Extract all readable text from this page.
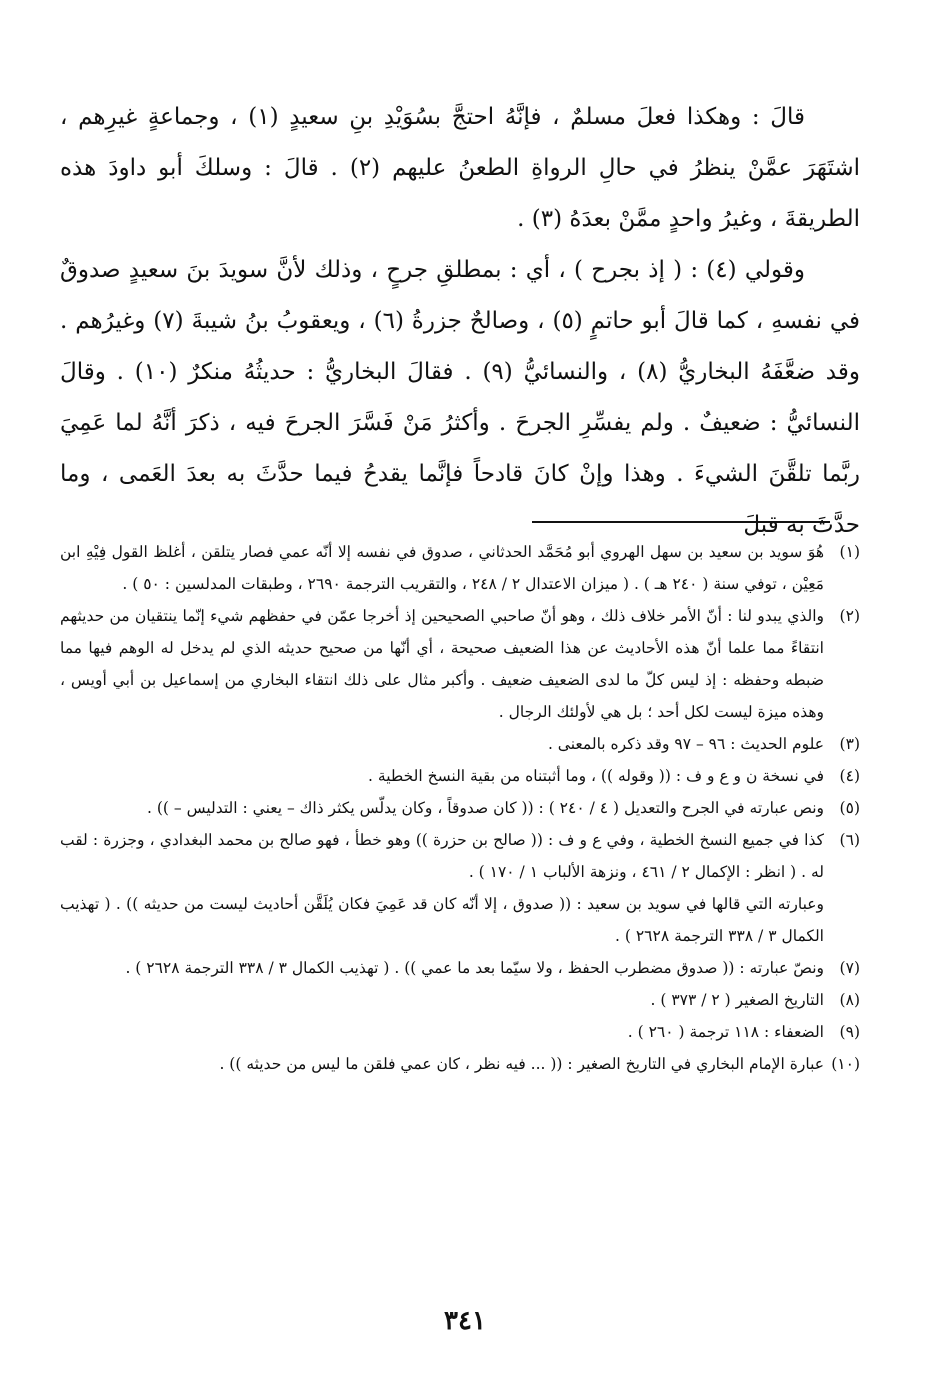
قالَ : وهكذا فعلَ مسلمٌ ، فإنَّهُ احتجَّ بسُوَيْدِ بنِ سعيدٍ (١) ، وجماعةٍ غيرِهم ، اشتَهَرَ عمَّنْ ينظرُ في حالِ الرواةِ الطعنُ عليهم (٢) . قالَ : وسلكَ أبو داودَ هذه الطريقةَ ، وغيرُ واحدٍ ممَّنْ بعدَهُ (٣) .

وقولي (٤) : ( إذ بجرح ) ، أي : بمطلقِ جرحٍ ، وذلك لأنَّ سويدَ بنَ سعيدٍ صدوقٌ في نفسهِ ، كما قالَ أبو حاتمٍ (٥) ، وصالحٌ جزرةُ (٦) ، ويعقوبُ بنُ شيبةَ (٧) وغيرُهم . وقد ضعَّفَهُ البخاريُّ (٨) ، والنسائيُّ (٩) . فقالَ البخاريُّ : حديثُهُ منكرٌ (١٠) . وقالَ النسائيُّ : ضعيفٌ . ولم يفسِّرِ الجرحَ . وأكثرُ مَنْ فَسَّرَ الجرحَ فيه ، ذكرَ أنَّهُ لما عَمِيَ ربَّما تلقَّنَ الشيءَ . وهذا وإنْ كانَ قادحاً فإنَّما يقدحُ فيما حدَّثَ به بعدَ العَمى ، وما حدَّثَ به قبلَ

(١)
هُوَ سويد بن سعيد بن سهل الهروي أبو مُحَمَّد الحدثاني ، صدوق في نفسه إلا أنّه عمي فصار يتلقن ، أغلظ القول فِيْهِ ابن مَعِيْن ، توفي سنة ( ٢٤٠ هـ ) . ( ميزان الاعتدال ٢ / ٢٤٨ ، والتقريب الترجمة ٢٦٩٠ ، وطبقات المدلسين : ٥٠ ) .
(٢)
والذي يبدو لنا : أنّ الأمر خلاف ذلك ، وهو أنّ صاحبي الصحيحين إذ أخرجا عمّن في حفظهم شيء إنّما ينتقيان من حديثهم انتقاءً مما علما أنّ هذه الأحاديث عن هذا الضعيف صحيحة ، أي أنّها من صحيح حديثه الذي لم يدخل له الوهم فيها مما ضبطه وحفظه : إذ ليس كلّ ما لدى الضعيف ضعيف . وأكبر مثال على ذلك انتقاء البخاري من إسماعيل بن أبي أويس ، وهذه ميزة ليست لكل أحد ؛ بل هي لأولئك الرجال .
(٣)
علوم الحديث : ٩٦ – ٩٧ وقد ذكره بالمعنى .
(٤)
في نسخة ن و ع و ف : (( وقوله )) ، وما أثبتناه من بقية النسخ الخطية .
(٥)
ونص عبارته في الجرح والتعديل ( ٤ / ٢٤٠ ) : (( كان صدوقاً ، وكان يدلّس يكثر ذاك – يعني : التدليس – )) .
(٦)
كذا في جميع النسخ الخطية ، وفي ع و ف : (( صالح بن حزرة )) وهو خطأ ، فهو صالح بن محمد البغدادي ، وجزرة : لقب له . ( انظر : الإكمال ٢ / ٤٦١ ، ونزهة الألباب ١ / ١٧٠ ) .

وعبارته التي قالها في سويد بن سعيد : (( صدوق ، إلا أنّه كان قد عَمِيَ فكان يُلَقَّن أحاديث ليست من حديثه )) . ( تهذيب الكمال ٣ / ٣٣٨ الترجمة ٢٦٢٨ ) .

(٧)
ونصّ عبارته : (( صدوق مضطرب الحفظ ، ولا سيّما بعد ما عمي )) . ( تهذيب الكمال ٣ / ٣٣٨ الترجمة ٢٦٢٨ ) .
(٨)
التاريخ الصغير ( ٢ / ٣٧٣ ) .
(٩)
الضعفاء : ١١٨ ترجمة ( ٢٦٠ ) .
(١٠)
عبارة الإمام البخاري في التاريخ الصغير : (( ... فيه نظر ، كان عمي فلقن ما ليس من حديثه )) .
٣٤١
